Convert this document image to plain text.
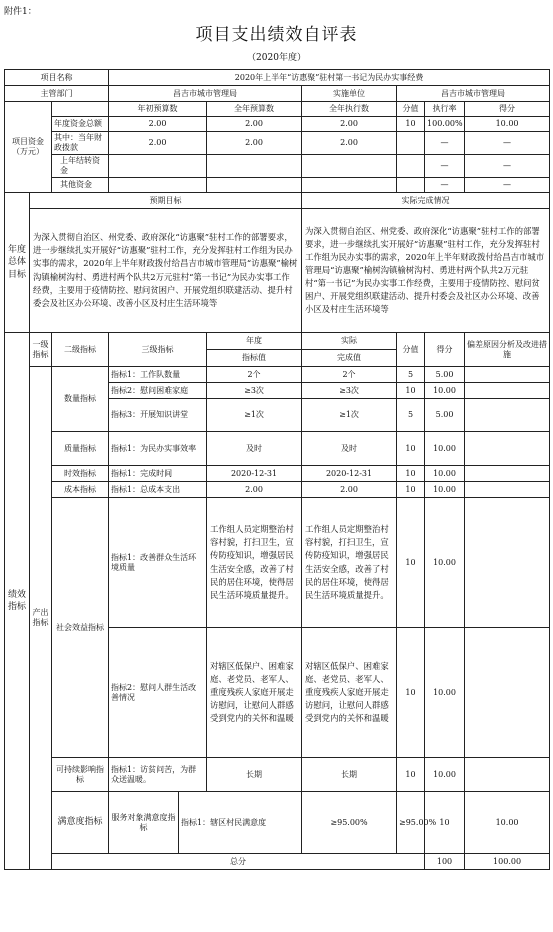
附件1：
项目支出绩效自评表
（2020年度）
项目名称			2020年上半年“访惠聚”驻村第一书记为民办实事经费							
主管部门			昌吉市城市管理局			实施单位	昌吉市城市管理局			
项目资金（万元）			年初预算数		全年预算数	全年执行数	分值	执行率	得分	
		年度资金总额	2.00		2.00	2.00	10	100.00%	10.00	
		其中：当年财政拨款	2.00		2.00	2.00		—	—	
		上年结转资金						—	—	
		其他资金						—	—	
年度总体目标	预期目标					实际完成情况				
	为深入贯彻自治区、州党委、政府深化“访惠聚”驻村工作的部署要求，进一步继续扎实开展好“访惠聚”驻村工作，充分发挥驻村工作组为民办实事的需求，2020年上半年财政拨付给昌吉市城市管理局“访惠聚”榆树沟镇榆树沟村、勇进村两个队共2万元驻村“第一书记”为民办实事工作经费，主要用于疫情防控、慰问贫困户、开展党组织联建活动、提升村委会及社区办公环境、改善小区及村庄生活环境等					为深入贯彻自治区、州党委、政府深化“访惠聚”驻村工作的部署要求，进一步继续扎实开展好“访惠聚”驻村工作，充分发挥驻村工作组为民办实事的需求，2020年上半年财政拨付给昌吉市城市管理局“访惠聚”榆树沟镇榆树沟村、勇进村两个队共2万元驻村“第一书记”为民办实事工作经费，主要用于疫情防控、慰问贫困户、开展党组织联建活动、提升村委会及社区办公环境、改善小区及村庄生活环境等				
绩效指标	一级指标	二级指标	三级指标		年度	实际	分值	得分	偏差原因分析及改进措施	
					指标值	完成值				
	产出指标	数量指标	指标1：工作队数量		2个	2个	5	5.00		
			指标2：慰问困难家庭		≥3次	≥3次	10	10.00		
			指标3：开展知识讲堂		≥1次	≥1次	5	5.00		
		质量指标	指标1：为民办实事效率		及时	及时	10	10.00		
		时效指标	指标1：完成时间		2020-12-31	2020-12-31	10	10.00		
		成本指标	指标1：总成本支出		2.00	2.00	10	10.00		
		社会效益指标	指标1：改善群众生活环境质量		工作组人员定期整治村容村貌，打扫卫生，宣传防疫知识，增强居民生活安全感，改善了村民的居住环境，使得居民生活环境质量提升。	工作组人员定期整治村容村貌，打扫卫生，宣传防疫知识，增强居民生活安全感，改善了村民的居住环境，使得居民生活环境质量提升。	10	10.00		
			指标2：慰问人群生活改善情况		对辖区低保户、困难家庭、老党员、老军人、重度残疾人家庭开展走访慰问，让慰问人群感受到党内的关怀和温暖	对辖区低保户、困难家庭、老党员、老军人、重度残疾人家庭开展走访慰问，让慰问人群感受到党内的关怀和温暖	10	10.00		
		可持续影响指标	指标1：访贫问苦，为群众送温暖。		长期	长期	10	10.00		
		满意度指标	服务对象满意度指标	指标1：辖区村民满意度		≥95.00%	≥95.00%	10	10.00	
		总分						100	100.00	
